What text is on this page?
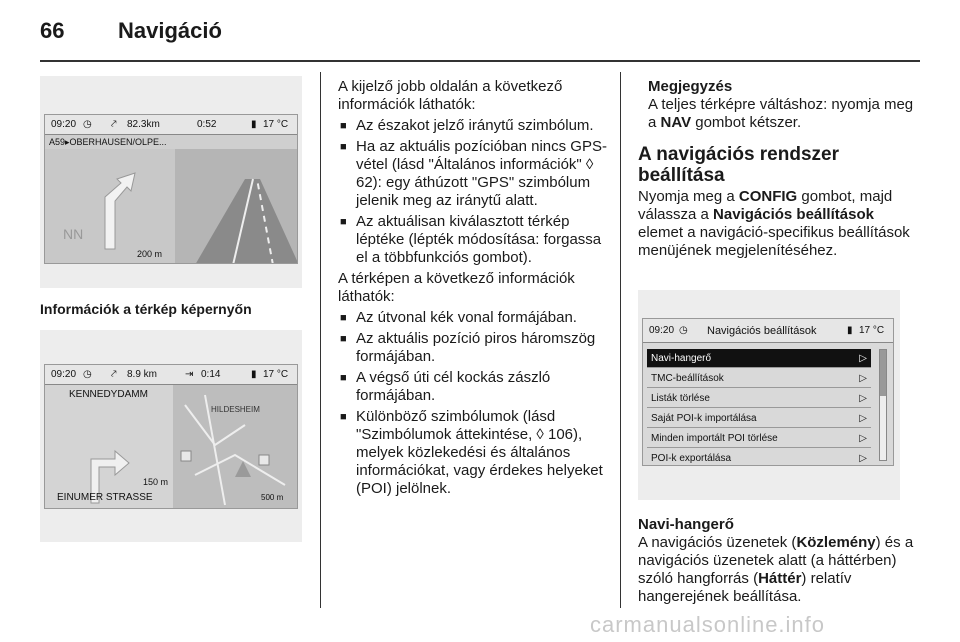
66 Navigáció
09:20 ◷ ⤤ 82.3km	0:52	▮ 17 °C
A59▸OBERHAUSEN/OLPE...
NN
200 m
Információk a térkép képernyőn
09:20 ◷ ⤤ 8.9 km	⇥ 0:14	▮ 17 °C
KENNEDYDAMM
HILDESHEIM
150 m
EINUMER STRASSE	500 m

A kijelző jobb oldalán a következő információk láthatók:

■ Az északot jelző iránytű szimbólum.
■ Ha az aktuális pozícióban nincs GPS-vétel (lásd "Általános információk" ◊ 62): egy áthúzott "GPS" szimbólum jelenik meg az iránytű alatt.
■ Az aktuálisan kiválasztott térkép léptéke (lépték módosítása: forgassa el a többfunkciós gombot).

A térképen a következő információk láthatók:

■ Az útvonal kék vonal formájában.
■ Az aktuális pozíció piros háromszög formájában.
■ A végső úti cél kockás zászló formájában.
■ Különböző szimbólumok (lásd "Szimbólumok áttekintése, ◊ 106), melyek közlekedési és általános információkat, vagy érdekes helyeket (POI) jelölnek.
Megjegyzés
A teljes térképre váltáshoz: nyomja meg a NAV gombot kétszer.
A navigációs rendszer beállítása

Nyomja meg a CONFIG gombot, majd válassza a Navigációs beállítások elemet a navigáció-specifikus beállítások menüjének megjelenítéséhez.

09:20 ◷ Navigációs beállítások	▮ 17 °C
Navi-hangerő	▷
TMC-beállítások	▷
Listák törlése	▷
Saját POI-k importálása	▷
Minden importált POI törlése	▷
POI-k exportálása	▷
Navi-hangerő

A navigációs üzenetek (Közlemény) és a navigációs üzenetek alatt (a háttérben) szóló hangforrás (Háttér) relatív hangerejének beállítása.

carmanualsonline.info
